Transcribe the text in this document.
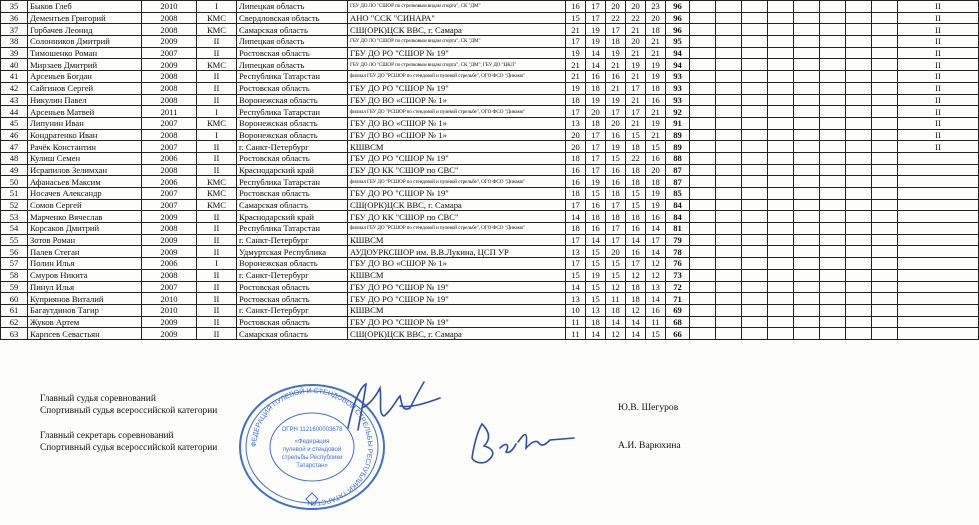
35	Быков Глеб	2010	I	Липецкая область	ГБУ ДО ЛО "СШОР по стрелковым видам спорта", СК "ДМ"	16	17	20	20	23	96									II
36	Дементьев Григорий	2008	КМС	Свердловская область	АНО "ССК "СИНАРА"	15	17	22	22	20	96									II
37	Горбачев Леонид	2008	КМС	Самарская область	СШ(ОРК)ЦСК ВВС, г. Самара	21	19	17	21	18	96									II
38	Солонников Дмитрий	2009	II	Липецкая область	ГБУ ДО ЛО "СШОР по стрелковым видам спорта", СК "ДМ"	17	19	18	20	21	95									II
39	Тимошенко Роман	2007	II	Ростовская область	ГБУ ДО РО "СШОР № 19"	19	14	19	21	21	94									II
40	Мирзаев Дмитрий	2009	КМС	Липецкая область	ГБУ ДО ЛО "СШОР по стрелковым видам спорта", СК "ДМ", ГБУ ДО "ЦКЛ"	21	14	21	19	19	94									II
41	Арсеньев Богдан	2008	II	Республика Татарстан	филиал ГБУ ДО "РСШОР по стендовой и пулевой стрельбе", ОГО ФСО "Динамо"	21	16	16	21	19	93									II
42	Сайгинов Сергей	2008	II	Ростовская область	ГБУ ДО РО "СШОР № 19"	19	18	21	17	18	93									II
43	Никулин Павел	2008	II	Воронежская область	ГБУ ДО ВО «СШОР № 1»	18	19	19	21	16	93									II
44	Арсеньев Матвей	2011	I	Республика Татарстан	филиал ГБУ ДО "РСШОР по стендовой и пулевой стрельбе", ОГО ФСО "Динамо"	17	20	17	17	21	92									II
45	Липунин Иван	2007	КМС	Воронежская область	ГБУ ДО ВО «СШОР № 1»	13	18	20	21	19	91									II
46	Кондратенко Иван	2008	I	Воронежская область	ГБУ ДО ВО «СШОР № 1»	20	17	16	15	21	89									II
47	Рачёк Константин	2007	II	г. Санкт-Петербург	КШВСМ	20	17	19	18	15	89									II
48	Кулиш Семен	2006	II	Ростовская область	ГБУ ДО РО "СШОР № 19"	18	17	15	22	16	88									
49	Исрапилов Зелимхан	2008	II	Краснодарский край	ГБУ ДО КК "СШОР по СВС"	16	17	16	18	20	87									
50	Афанасьев Максим	2006	КМС	Республика Татарстан	филиал ГБУ ДО "РСШОР по стендовой и пулевой стрельбе", ОГО ФСО "Динамо"	16	19	16	18	18	87									
51	Носачев Александр	2007	КМС	Ростовская область	ГБУ ДО РО "СШОР № 19"	18	15	18	15	19	85									
52	Сомов Сергей	2007	КМС	Самарская область	СШ(ОРК)ЦСК ВВС, г. Самара	17	16	17	15	19	84									
53	Марченко Вячеслав	2009	II	Краснодарский край	ГБУ ДО КК "СШОР по СВС"	14	18	18	18	16	84									
54	Корсаков Дмитрий	2008	II	Республика Татарстан	филиал ГБУ ДО "РСШОР по стендовой и пулевой стрельбе", ОГО ФСО "Динамо"	18	16	17	16	14	81									
55	Зотов Роман	2009	II	г. Санкт-Петербург	КШВСМ	17	14	17	14	17	79									
56	Палев Стеган	2009	II	Удмуртская Республика	АУДОУРКСШОР им. В.В.Лукина, ЦСП УР	13	15	20	16	14	78									
57	Полин Илья	2006	I	Воронежская область	ГБУ ДО ВО «СШОР № 1»	17	15	15	17	12	76									
58	Смуров Никита	2008	II	г. Санкт-Петербург	КШВСМ	15	19	15	12	12	73									
59	Пинул Илья	2007	II	Ростовская область	ГБУ ДО РО "СШОР № 19"	14	15	12	18	13	72									
60	Куприянов Виталий	2010	II	Ростовская область	ГБУ ДО РО "СШОР № 19"	13	15	11	18	14	71									
61	Багаутдинов Тагир	2010	II	г. Санкт-Петербург	КШВСМ	10	13	18	12	16	69									
62	Жуков Артем	2009	II	Ростовская область	ГБУ ДО РО "СШОР № 19"	11	18	14	14	11	68									
63	Карпсев Севастьян	2009	II	Самарская область	СШ(ОРК)ЦСК ВВС, г. Самара	11	14	12	14	15	66									
Главный судья соревнований
Спортивный судья всероссийской категории
Главный секретарь соревнований
Спортивный судья всероссийской категории
Ю.В. Шегуров
А.И. Варюхина
ФЕДЕРАЦИЯ ПУЛЕВОЙ И СТЕНДОВОЙ СТРЕЛЬБЫ РЕСПУБЛИКИ ТАТАРСТАН
ОГРН 1121600003678
«Федерация
пулевой и стендовой
стрельбы Республики
Татарстан»
